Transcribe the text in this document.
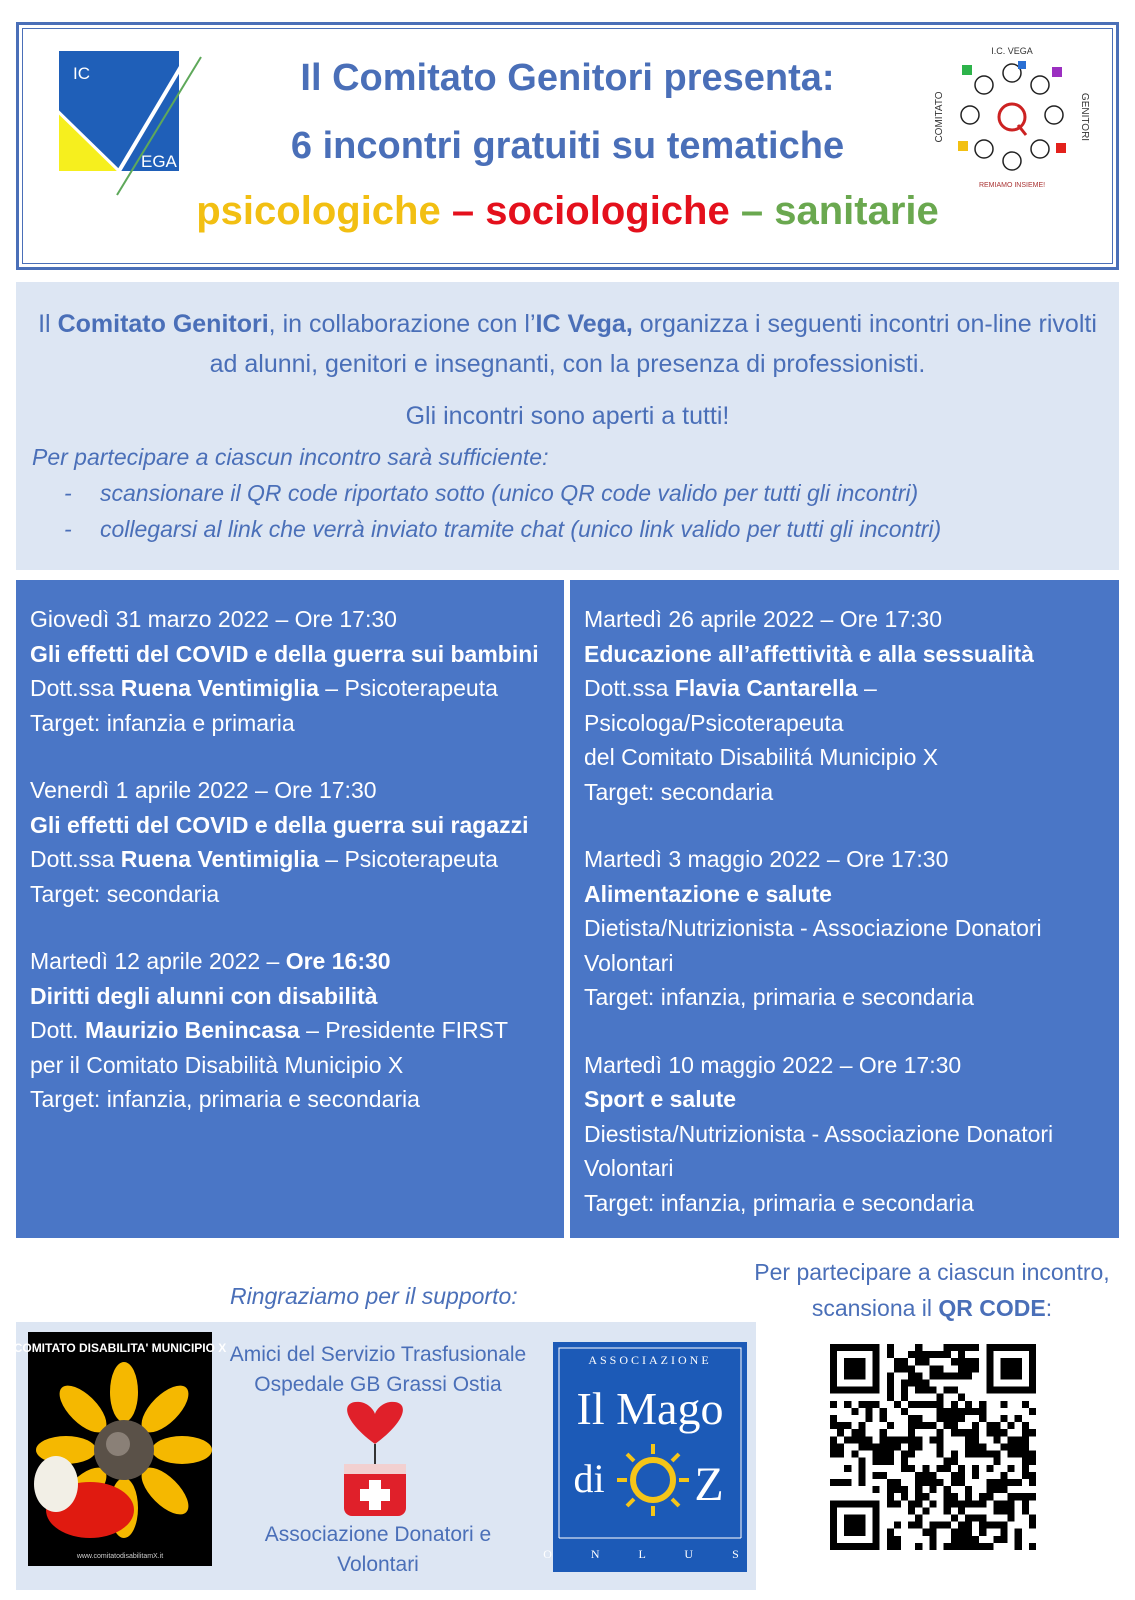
IC
EGA
Il Comitato Genitori presenta:
6 incontri gratuiti su tematiche
psicologiche – sociologiche – sanitarie
I.C. VEGA
COMITATO	GENITORI
REMIAMO INSIEME!
Il Comitato Genitori, in collaborazione con l’IC Vega, organizza i seguenti incontri on-line rivolti ad alunni, genitori e insegnanti, con la presenza di professionisti.
Gli incontri sono aperti a tutti!
Per partecipare a ciascun incontro sarà sufficiente:
- scansionare il QR code riportato sotto (unico QR code valido per tutti gli incontri)
- collegarsi al link che verrà inviato tramite chat (unico link valido per tutti gli incontri)
Giovedì 31 marzo 2022 – Ore 17:30
Gli effetti del COVID e della guerra sui bambini
Dott.ssa Ruena Ventimiglia – Psicoterapeuta
Target: infanzia e primaria
Venerdì 1 aprile 2022 – Ore 17:30
Gli effetti del COVID e della guerra sui ragazzi
Dott.ssa Ruena Ventimiglia – Psicoterapeuta
Target: secondaria
Martedì 12 aprile 2022 – Ore 16:30
Diritti degli alunni con disabilità
Dott. Maurizio Benincasa – Presidente FIRST
per il Comitato Disabilità Municipio X
Target: infanzia, primaria e secondaria
Martedì 26 aprile 2022 – Ore 17:30
Educazione all’affettività e alla sessualità
Dott.ssa Flavia Cantarella –
Psicologa/Psicoterapeuta
del Comitato Disabilitá Municipio X
Target: secondaria
Martedì 3 maggio 2022 – Ore 17:30
Alimentazione e salute
Dietista/Nutrizionista - Associazione Donatori Volontari
Target: infanzia, primaria e secondaria
Martedì 10 maggio 2022 – Ore 17:30
Sport e salute
Diestista/Nutrizionista - Associazione Donatori Volontari
Target: infanzia, primaria e secondaria
Ringraziamo per il supporto:
COMITATO DISABILITA' MUNICIPIO X
www.comitatodisabilitamX.it
Amici del Servizio Trasfusionale Ospedale GB Grassi Ostia
Associazione Donatori e Volontari
ASSOCIAZIONE
Il Mago
di Z
O N L U S
Per partecipare a ciascun incontro, scansiona il QR CODE:
